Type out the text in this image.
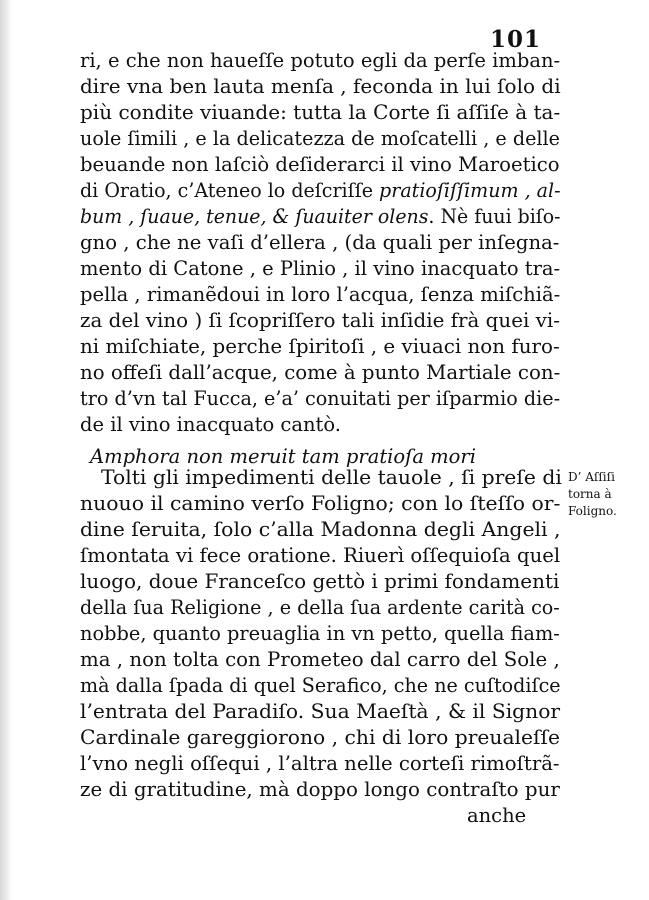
101
ri, e che non haueſſe potuto egli da perſe imban-
dire vna ben lauta menſa , feconda in lui ſolo di
più condite viuande: tutta la Corte ſi aſſiſe à ta-
uole ſimili , e la delicatezza de moſcatelli , e delle
beuande non laſciò deſiderarci il vino Maroetico
di Oratio, c’Ateneo lo deſcriſſe pratioſiſſimum , al-
bum , ſuaue, tenue, & ſuauiter olens. Nè fuui biſo-
gno , che ne vaſi d’ellera , (da quali per inſegna-
mento di Catone , e Plinio , il vino inacquato tra-
pella , rimanẽdoui in loro l’acqua, ſenza miſchiã-
za del vino ) ſi ſcopriſſero tali inſidie frà quei vi-
ni miſchiate, perche ſpiritoſi , e viuaci non furo-
no offeſi dall’acque, come à punto Martiale con-
tro d’vn tal Fucca, e’a’ conuitati per iſparmio die-
de il vino inacquato cantò.
Amphora non meruit tam pratioſa mori
Tolti gli impedimenti delle tauole , ſi preſe di
nuouo il camino verſo Foligno; con lo ſteſſo or-
dine ſeruita, ſolo c’alla Madonna degli Angeli ,
ſmontata vi fece oratione. Riuerì oſſequioſa quel
luogo, doue Franceſco gettò i primi fondamenti
della ſua Religione , e della ſua ardente carità co-
nobbe, quanto preuaglia in vn petto, quella fiam-
ma , non tolta con Prometeo dal carro del Sole ,
mà dalla ſpada di quel Serafico, che ne cuſtodiſce
l’entrata del Paradiſo. Sua Maeſtà , & il Signor
Cardinale gareggiorono , chi di loro preualeſſe
l’vno negli oſſequi , l’altra nelle corteſi rimoſtrã-
ze di gratitudine, mà doppo longo contraſto pur
anche
D’ Aſſiſi
torna à
Foligno.
